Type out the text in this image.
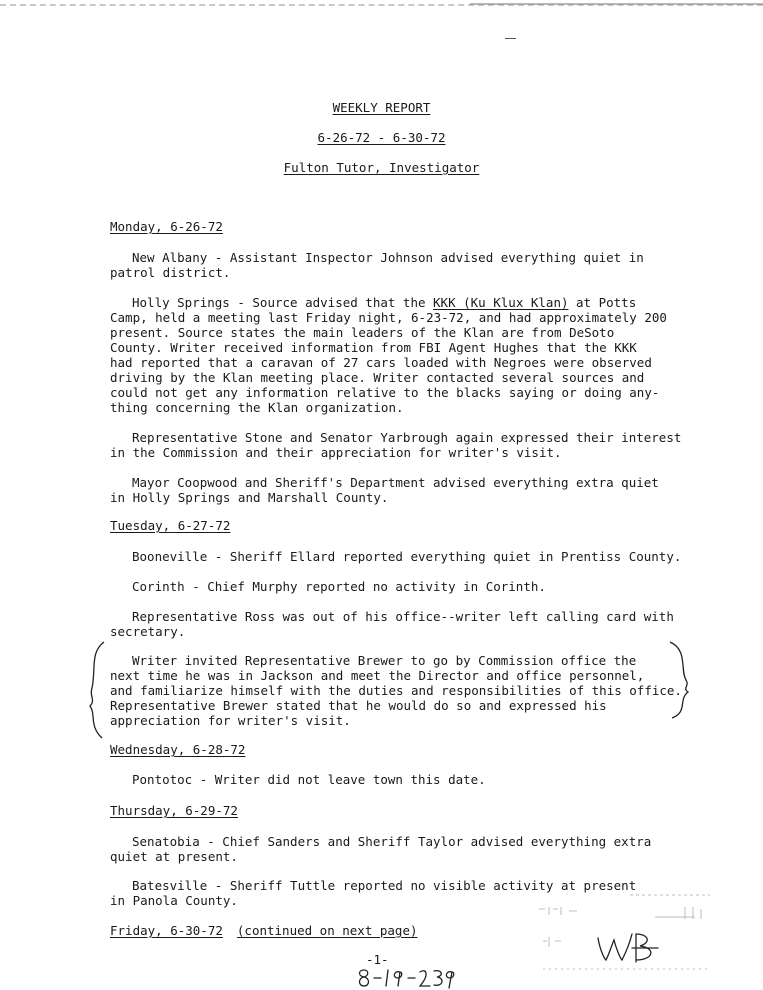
WEEKLY REPORT
6-26-72 - 6-30-72
Fulton Tutor, Investigator
Monday, 6-26-72

New Albany - Assistant Inspector Johnson advised everything quiet in
patrol district.

Holly Springs - Source advised that the KKK (Ku Klux Klan) at Potts
Camp, held a meeting last Friday night, 6-23-72, and had approximately 200
present. Source states the main leaders of the Klan are from DeSoto
County. Writer received information from FBI Agent Hughes that the KKK
had reported that a caravan of 27 cars loaded with Negroes were observed
driving by the Klan meeting place. Writer contacted several sources and
could not get any information relative to the blacks saying or doing any-
thing concerning the Klan organization.

Representative Stone and Senator Yarbrough again expressed their interest
in the Commission and their appreciation for writer's visit.

Mayor Coopwood and Sheriff's Department advised everything extra quiet
in Holly Springs and Marshall County.

Tuesday, 6-27-72

Booneville - Sheriff Ellard reported everything quiet in Prentiss County.

Corinth - Chief Murphy reported no activity in Corinth.

Representative Ross was out of his office--writer left calling card with
secretary.

Writer invited Representative Brewer to go by Commission office the
next time he was in Jackson and meet the Director and office personnel,
and familiarize himself with the duties and responsibilities of this office.
Representative Brewer stated that he would do so and expressed his
appreciation for writer's visit.

Wednesday, 6-28-72

Pontotoc - Writer did not leave town this date.

Thursday, 6-29-72

Senatobia - Chief Sanders and Sheriff Taylor advised everything extra
quiet at present.

Batesville - Sheriff Tuttle reported no visible activity at present
in Panola County.

Friday, 6-30-72 (continued on next page)
-1-
